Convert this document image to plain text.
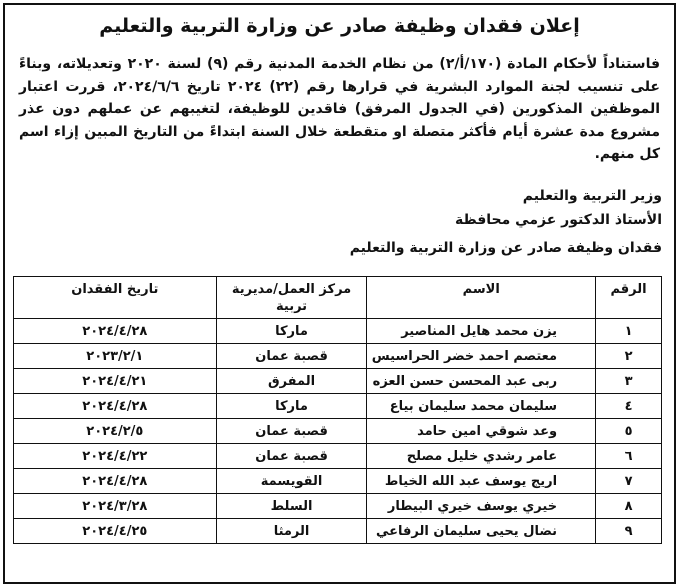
إعلان فقدان وظيفة صادر عن وزارة التربية والتعليم
فاستناداً لأحكام المادة (١٧٠/أ/٢) من نظام الخدمة المدنية رقم (٩) لسنة ٢٠٢٠ وتعديلاته، وبناءً على تنسيب لجنة الموارد البشرية في قرارها رقم (٢٢) ٢٠٢٤ تاريخ ٢٠٢٤/٦/٦، قررت اعتبار الموظفين المذكورين (في الجدول المرفق) فاقدين للوظيفة، لتغيبهم عن عملهم دون عذر مشروع مدة عشرة أيام فأكثر متصلة او متقطعة خلال السنة ابتداءً من التاريخ المبين إزاء اسم كل منهم.
وزير التربية والتعليم
الأستاذ الدكتور عزمي محافظة
فقدان وظيفة صادر عن وزارة التربية والتعليم
الرقم	الاسم	مركز العمل/مديرية تربية	تاريخ الفقدان
١	يزن محمد هايل المناصير	ماركا	٢٠٢٤/٤/٢٨
٢	معتصم احمد خضر الحراسيس	قصبة عمان	٢٠٢٣/٢/١
٣	ربى عبد المحسن حسن العزه	المفرق	٢٠٢٤/٤/٢١
٤	سليمان محمد سليمان بياع	ماركا	٢٠٢٤/٤/٢٨
٥	وعد شوقي امين حامد	قصبة عمان	٢٠٢٤/٢/٥
٦	عامر رشدي خليل مصلح	قصبة عمان	٢٠٢٤/٤/٢٢
٧	اريج يوسف عبد الله الخياط	القويسمة	٢٠٢٤/٤/٢٨
٨	خيري يوسف خيري البيطار	السلط	٢٠٢٤/٣/٢٨
٩	نضال يحيى سليمان الرفاعي	الرمثا	٢٠٢٤/٤/٢٥
